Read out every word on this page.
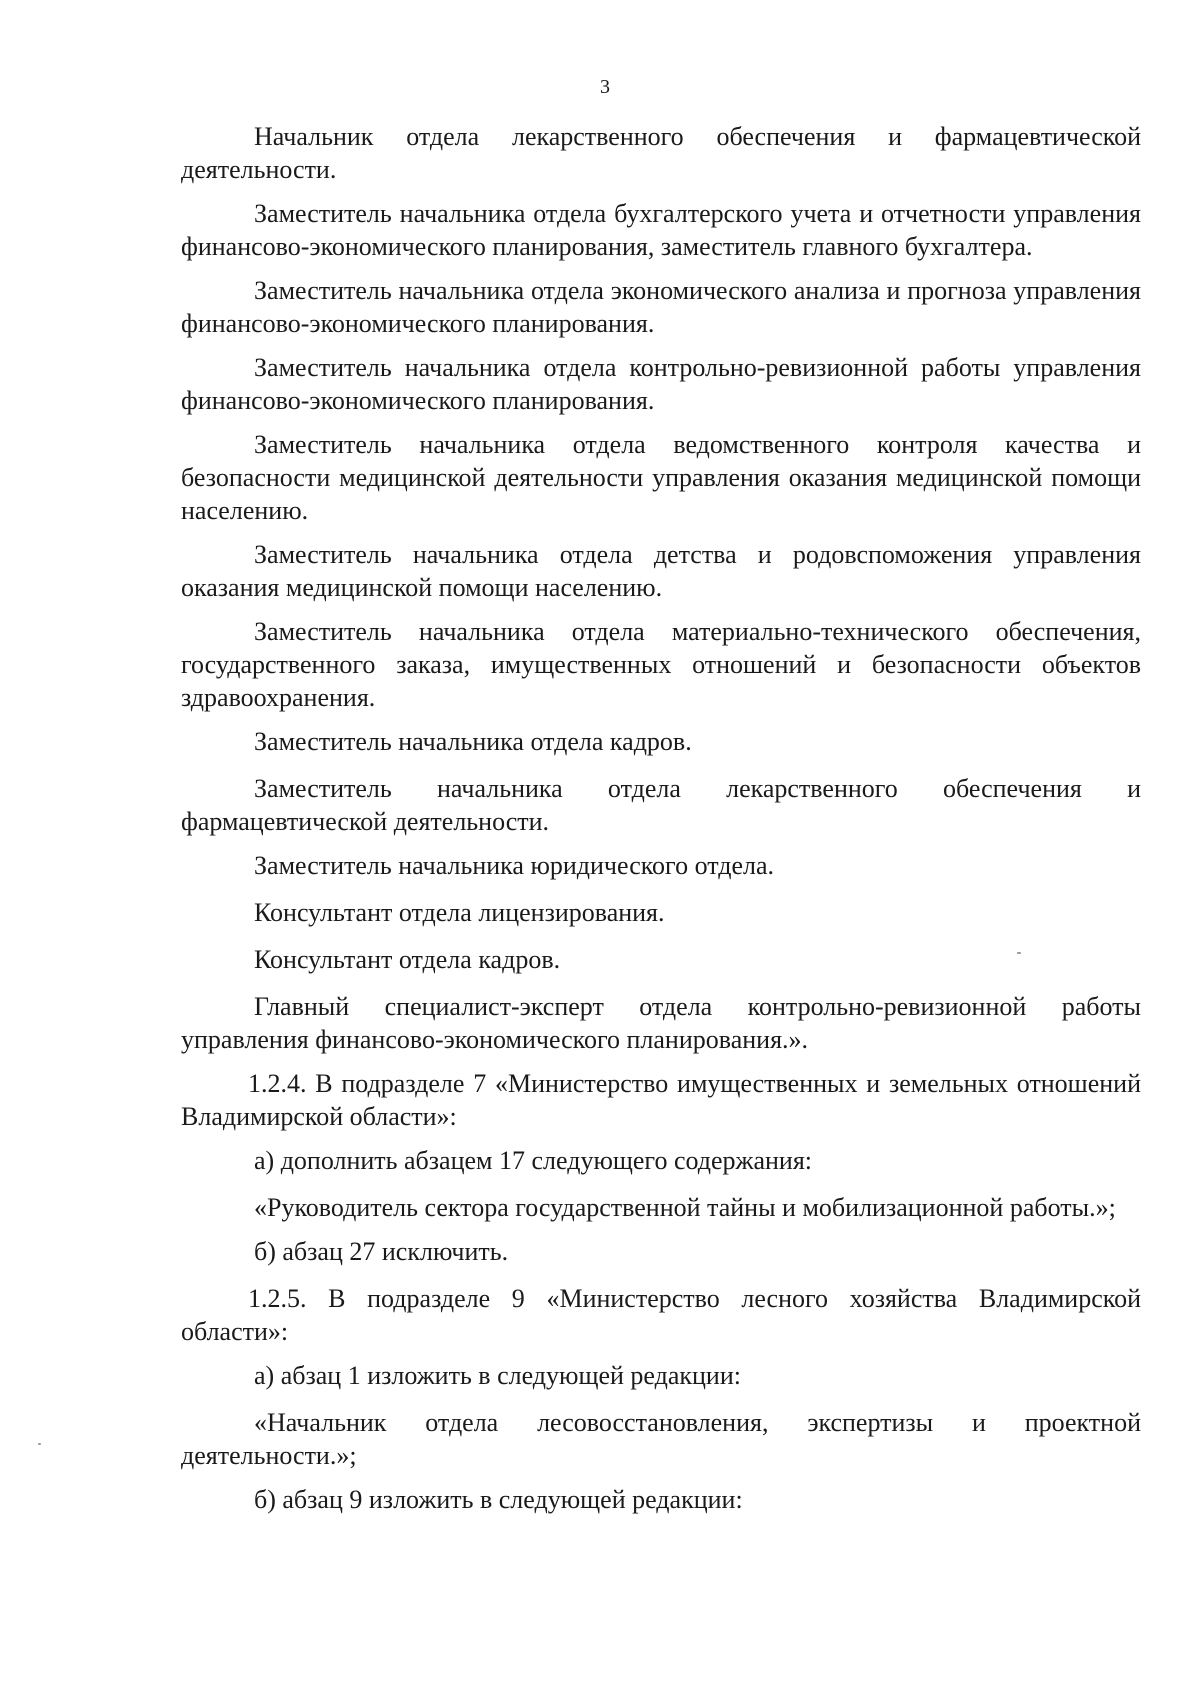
3

Начальник отдела лекарственного обеспечения и фармацевтической деятельности.

Заместитель начальника отдела бухгалтерского учета и отчетности управления финансово-экономического планирования, заместитель главного бухгалтера.

Заместитель начальника отдела экономического анализа и прогноза управления финансово-экономического планирования.

Заместитель начальника отдела контрольно-ревизионной работы управления финансово-экономического планирования.

Заместитель начальника отдела ведомственного контроля качества и безопасности медицинской деятельности управления оказания медицинской помощи населению.

Заместитель начальника отдела детства и родовспоможения управления оказания медицинской помощи населению.

Заместитель начальника отдела материально-технического обеспечения, государственного заказа, имущественных отношений и безопасности объектов здравоохранения.

Заместитель начальника отдела кадров.

Заместитель начальника отдела лекарственного обеспечения и фармацевтической деятельности.

Заместитель начальника юридического отдела.

Консультант отдела лицензирования.

Консультант отдела кадров.

Главный специалист-эксперт отдела контрольно-ревизионной работы управления финансово-экономического планирования.».

1.2.4. В подразделе 7 «Министерство имущественных и земельных отношений Владимирской области»:

а) дополнить абзацем 17 следующего содержания:

«Руководитель сектора государственной тайны и мобилизационной работы.»;

б) абзац 27 исключить.

1.2.5. В подразделе 9 «Министерство лесного хозяйства Владимирской области»:

а) абзац 1 изложить в следующей редакции:

«Начальник отдела лесовосстановления, экспертизы и проектной деятельности.»;

б) абзац 9 изложить в следующей редакции:
